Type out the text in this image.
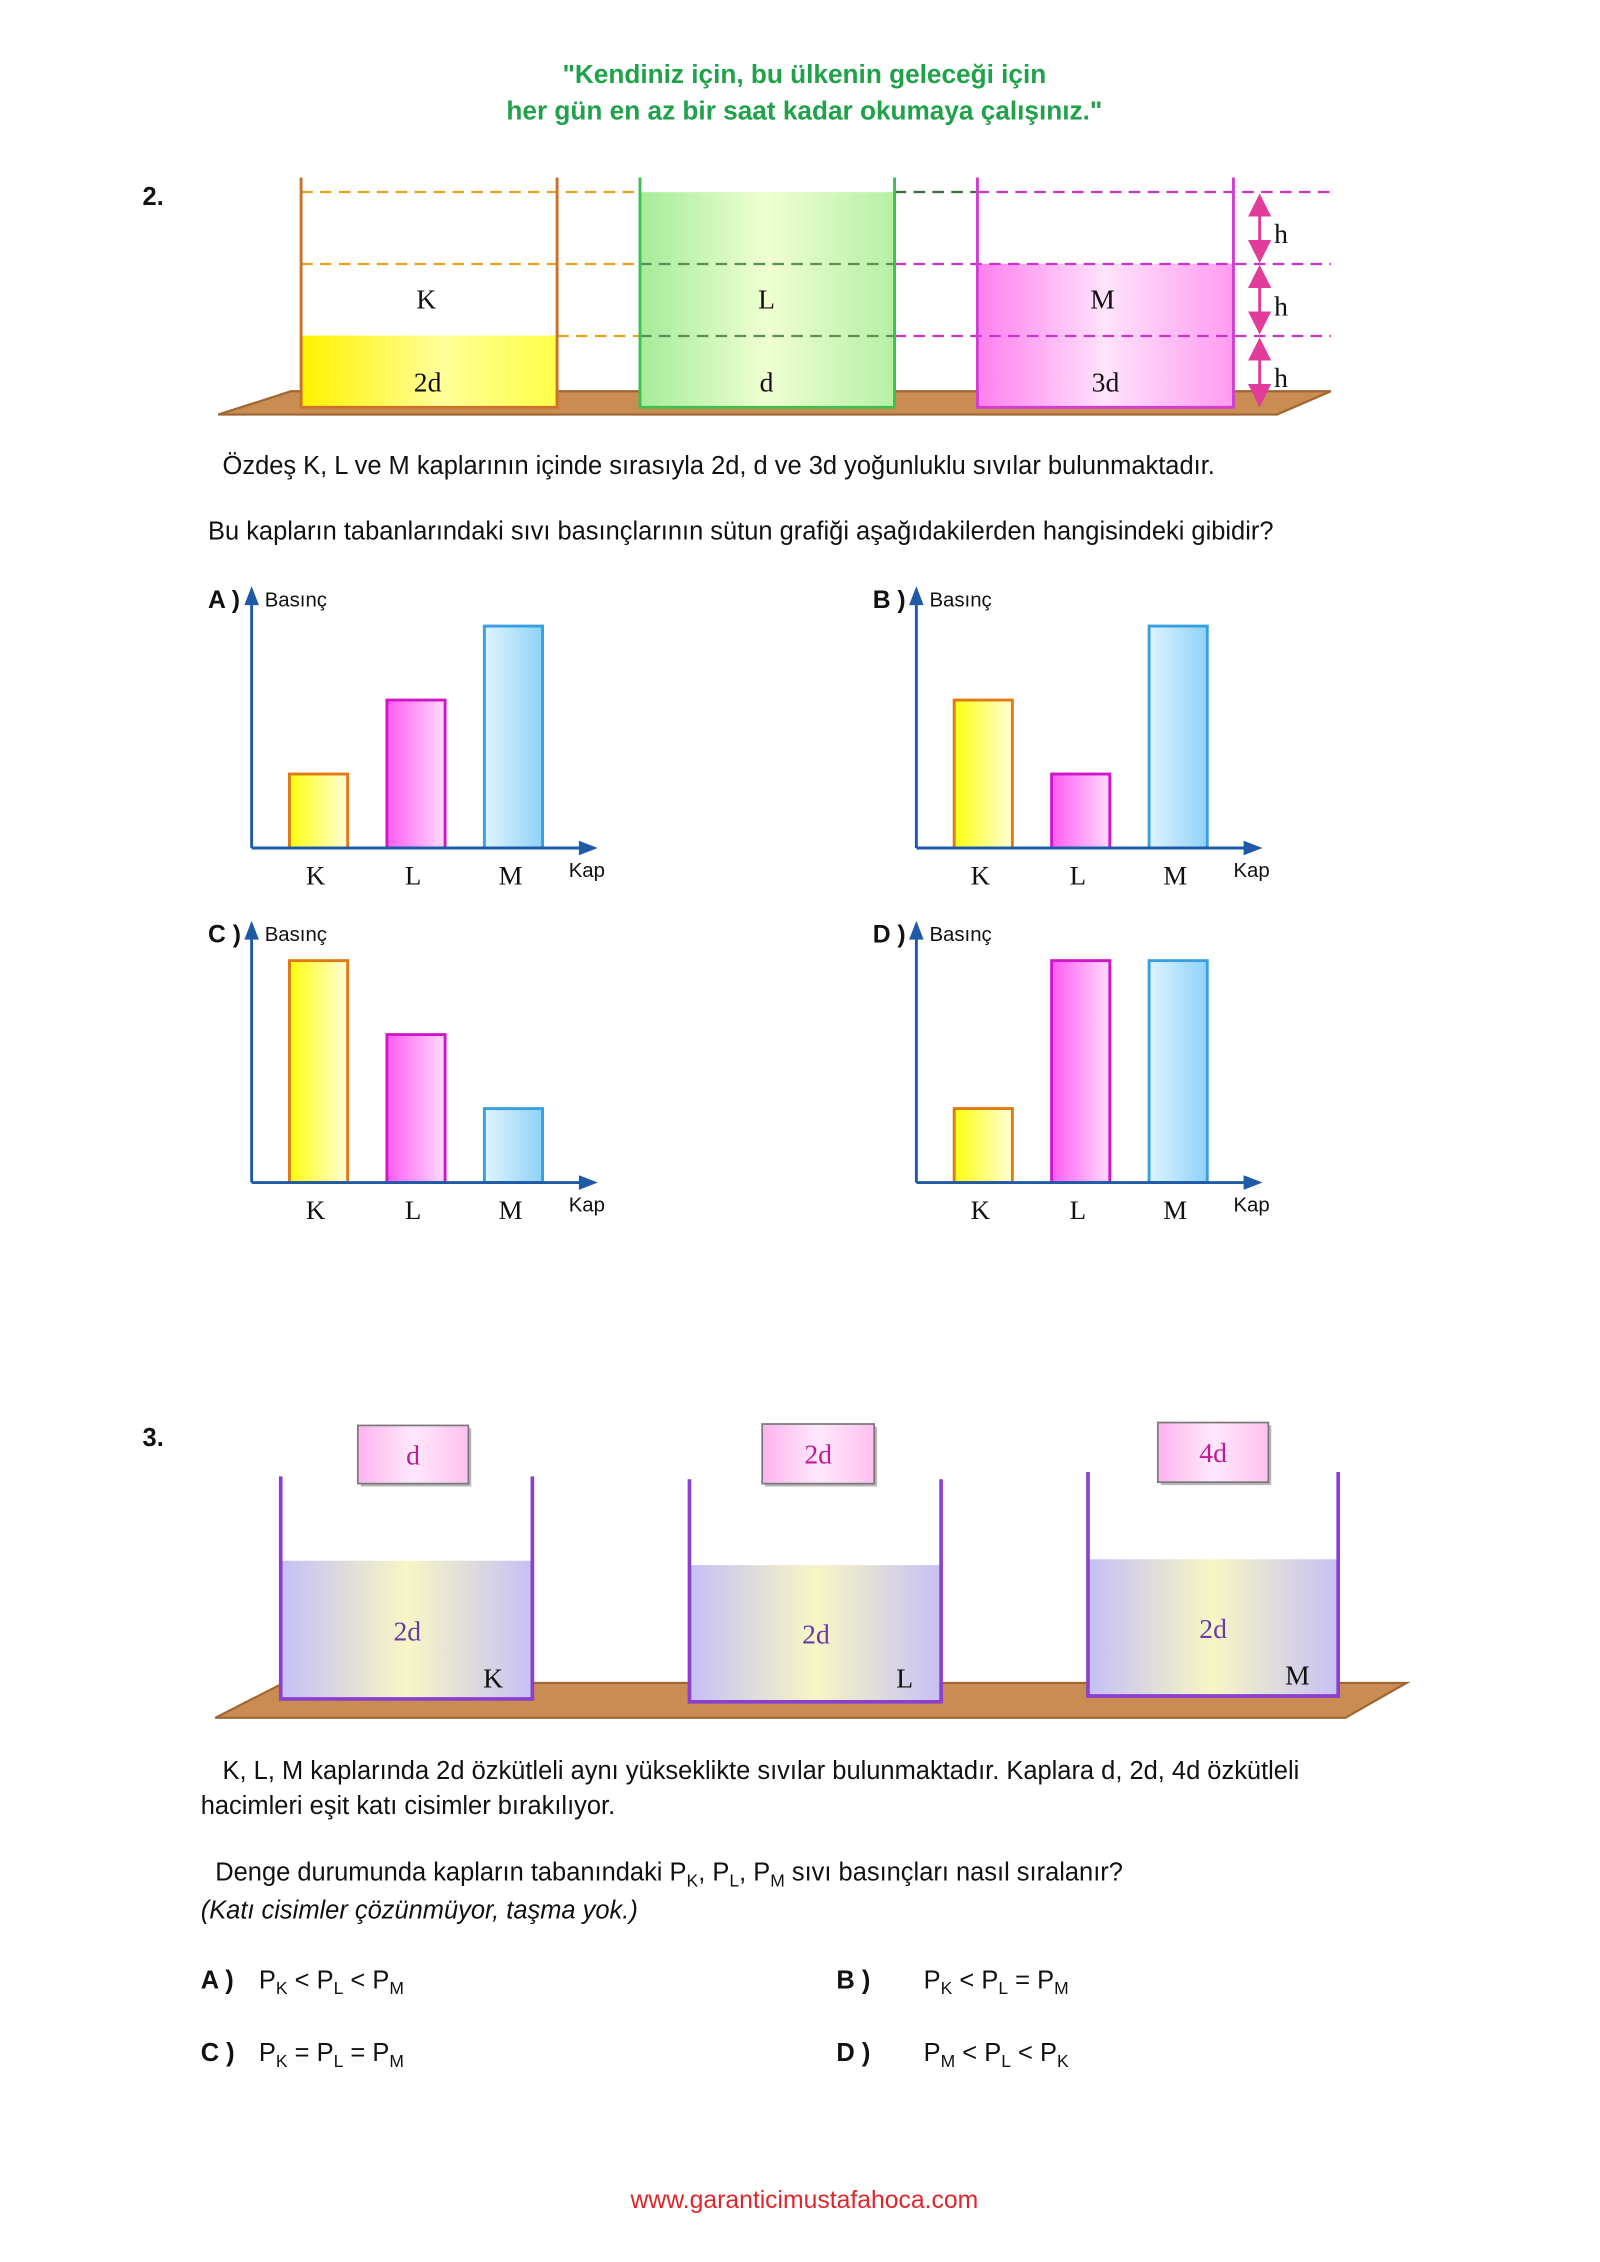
"Kendiniz için, bu ülkenin geleceği için
her gün en az bir saat kadar okumaya çalışınız."
2.
h
h
h
K	L	M
2d	d	3d
Özdeş K, L ve M kaplarının içinde sırasıyla 2d, d ve 3d yoğunluklu sıvılar bulunmaktadır.
Bu kapların tabanlarındaki sıvı basınçlarının sütun grafiği aşağıdakilerden hangisindeki gibidir?
A )
K	L	M
Basınç
Kap
B )
K	L	M
Basınç
Kap
C )
K	L	M
Basınç
Kap
D )
K	L	M
Basınç
Kap
3.
d	2d	4d
2d	2d	2d
K	L	M
K, L, M kaplarında 2d özkütleli aynı yükseklikte sıvılar bulunmaktadır. Kaplara d, 2d, 4d özkütleli
hacimleri eşit katı cisimler bırakılıyor.
Denge durumunda kapların tabanındaki $P_K$, $P_L$, $P_M$ sıvı basınçları nasıl sıralanır?
(Katı cisimler çözünmüyor, taşma yok.)
A ) $P_K < P_L < P_M$	B )	$P_K < P_L = P_M$
C ) $P_K = P_L = P_M$	D )	$P_M < P_L < P_K$
www.garanticimustafahoca.com
